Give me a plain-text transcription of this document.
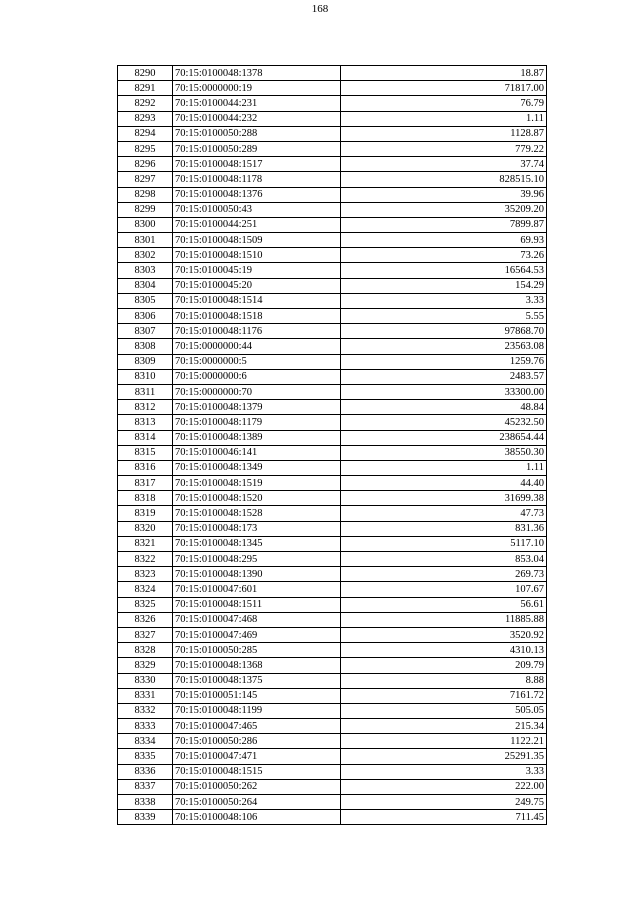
168
8290	70:15:0100048:1378	18.87
8291	70:15:0000000:19	71817.00
8292	70:15:0100044:231	76.79
8293	70:15:0100044:232	1.11
8294	70:15:0100050:288	1128.87
8295	70:15:0100050:289	779.22
8296	70:15:0100048:1517	37.74
8297	70:15:0100048:1178	828515.10
8298	70:15:0100048:1376	39.96
8299	70:15:0100050:43	35209.20
8300	70:15:0100044:251	7899.87
8301	70:15:0100048:1509	69.93
8302	70:15:0100048:1510	73.26
8303	70:15:0100045:19	16564.53
8304	70:15:0100045:20	154.29
8305	70:15:0100048:1514	3.33
8306	70:15:0100048:1518	5.55
8307	70:15:0100048:1176	97868.70
8308	70:15:0000000:44	23563.08
8309	70:15:0000000:5	1259.76
8310	70:15:0000000:6	2483.57
8311	70:15:0000000:70	33300.00
8312	70:15:0100048:1379	48.84
8313	70:15:0100048:1179	45232.50
8314	70:15:0100048:1389	238654.44
8315	70:15:0100046:141	38550.30
8316	70:15:0100048:1349	1.11
8317	70:15:0100048:1519	44.40
8318	70:15:0100048:1520	31699.38
8319	70:15:0100048:1528	47.73
8320	70:15:0100048:173	831.36
8321	70:15:0100048:1345	5117.10
8322	70:15:0100048:295	853.04
8323	70:15:0100048:1390	269.73
8324	70:15:0100047:601	107.67
8325	70:15:0100048:1511	56.61
8326	70:15:0100047:468	11885.88
8327	70:15:0100047:469	3520.92
8328	70:15:0100050:285	4310.13
8329	70:15:0100048:1368	209.79
8330	70:15:0100048:1375	8.88
8331	70:15:0100051:145	7161.72
8332	70:15:0100048:1199	505.05
8333	70:15:0100047:465	215.34
8334	70:15:0100050:286	1122.21
8335	70:15:0100047:471	25291.35
8336	70:15:0100048:1515	3.33
8337	70:15:0100050:262	222.00
8338	70:15:0100050:264	249.75
8339	70:15:0100048:106	711.45
